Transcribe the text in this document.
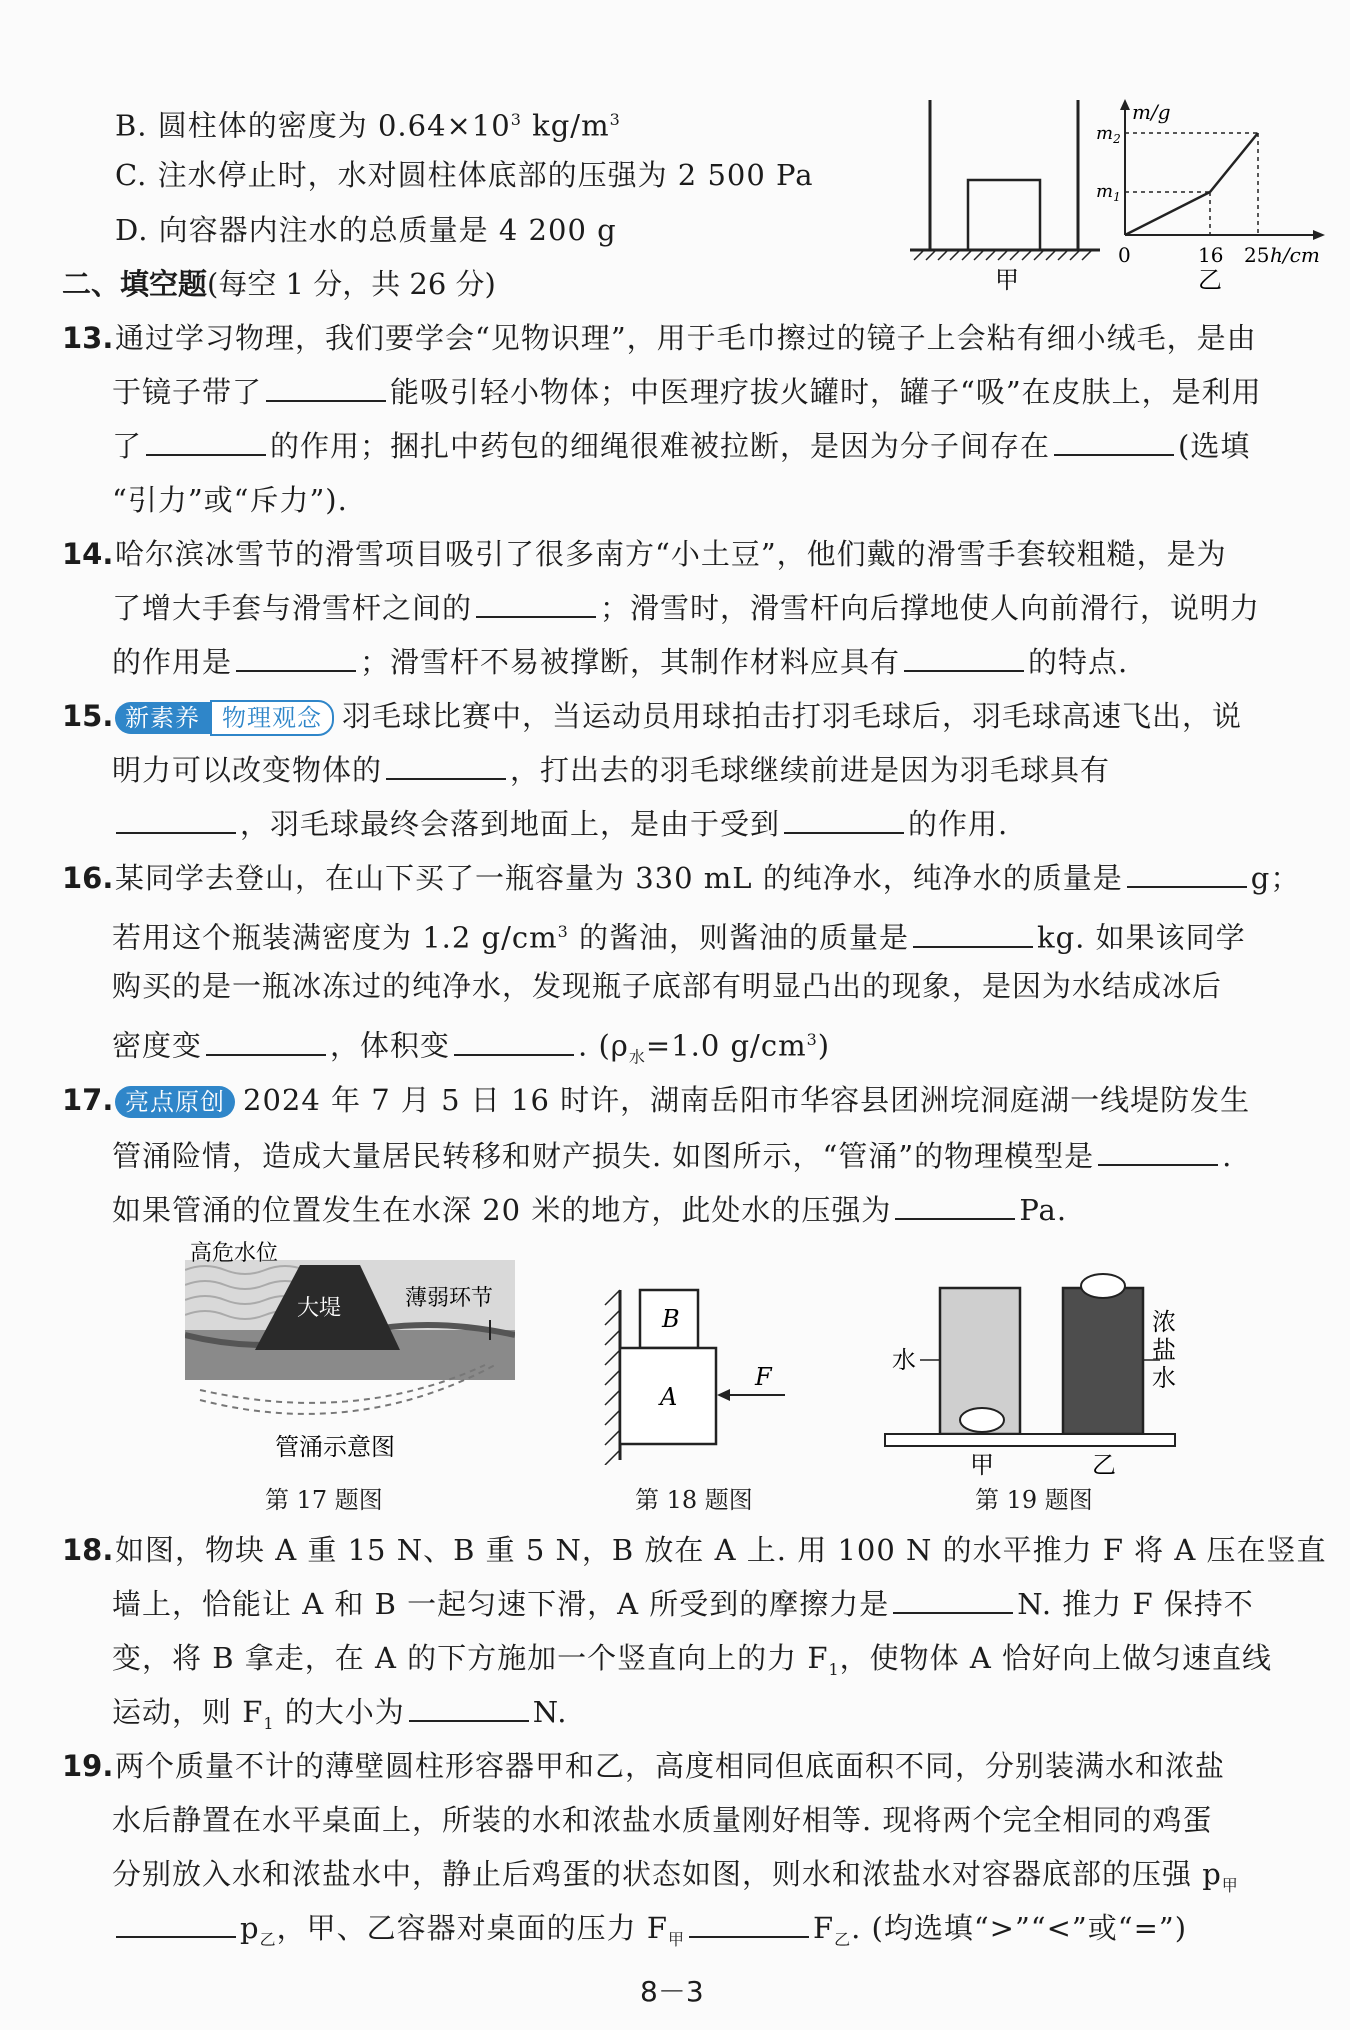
B. 圆柱体的密度为 $0.64\times 10^3$ $kg/m^3$
C. 注水停止时，水对圆柱体底部的压强为 2 500 Pa
D. 向容器内注水的总质量是 4 200 g
甲
m/g
$m_2$
$m_1$
0	16 25 h/cm
乙
二、填空题(每空 1 分，共 26 分)
13. 通过学习物理，我们要学会“见物识理”，用于毛巾擦过的镜子上会粘有细小绒毛，是由
于镜子带了	能吸引轻小物体；中医理疗拔火罐时，罐子“吸”在皮肤上，是利用
了	的作用；捆扎中药包的细绳很难被拉断，是因为分子间存在	(选填
“引力”或“斥力”).
14. 哈尔滨冰雪节的滑雪项目吸引了很多南方“小土豆”，他们戴的滑雪手套较粗糙，是为
了增大手套与滑雪杆之间的	；滑雪时，滑雪杆向后撑地使人向前滑行，说明力
的作用是	；滑雪杆不易被撑断，其制作材料应具有	的特点.
15. 新素养 物理观念 羽毛球比赛中，当运动员用球拍击打羽毛球后，羽毛球高速飞出，说
明力可以改变物体的	，打出去的羽毛球继续前进是因为羽毛球具有
，羽毛球最终会落到地面上，是由于受到	的作用.
16. 某同学去登山，在山下买了一瓶容量为 330 mL 的纯净水，纯净水的质量是	g；
若用这个瓶装满密度为 1.2 $g/cm^3$ 的酱油，则酱油的质量是	kg. 如果该同学
购买的是一瓶冰冻过的纯净水，发现瓶子底部有明显凸出的现象，是因为水结成冰后
密度变	，体积变	. ($\rho_水=1.0$ $g/cm^3$)
17. 亮点原创 2024 年 7 月 5 日 16 时许，湖南岳阳市华容县团洲垸洞庭湖一线堤防发生
管涌险情，造成大量居民转移和财产损失. 如图所示，“管涌”的物理模型是	.
如果管涌的位置发生在水深 20 米的地方，此处水的压强为	Pa.
高危水位
大堤	薄弱环节
管涌示意图
第 17 题图
B
A
F
第 18 题图
水
浓盐水
甲	乙
第 19 题图
18. 如图，物块 A 重 15 N、B 重 5 N，B 放在 A 上. 用 100 N 的水平推力 F 将 A 压在竖直
墙上，恰能让 A 和 B 一起匀速下滑，A 所受到的摩擦力是	N. 推力 F 保持不
变，将 B 拿走，在 A 的下方施加一个竖直向上的力 $F_1$，使物体 A 恰好向上做匀速直线
运动，则 $F_1$ 的大小为	N.
19. 两个质量不计的薄壁圆柱形容器甲和乙，高度相同但底面积不同，分别装满水和浓盐
水后静置在水平桌面上，所装的水和浓盐水质量刚好相等. 现将两个完全相同的鸡蛋
分别放入水和浓盐水中，静止后鸡蛋的状态如图，则水和浓盐水对容器底部的压强 $p_甲$
$p_乙$，甲、乙容器对桌面的压力 $F_甲$	$F_乙$. (均选填“>”“<”或“=”)
8－3
